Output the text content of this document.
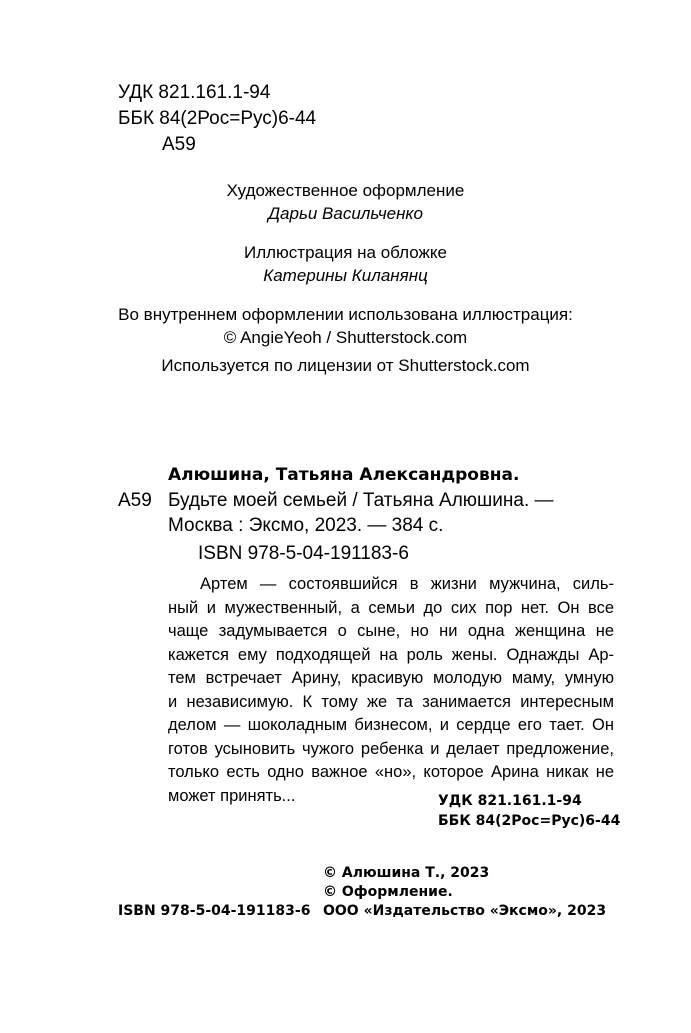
УДК 821.161.1-94
ББК 84(2Рос=Рус)6-44
А59
Художественное оформление
Дарьи Васильченко
Иллюстрация на обложке
Катерины Киланянц
Во внутреннем оформлении использована иллюстрация:
© AngieYeoh / Shutterstock.com
Используется по лицензии от Shutterstock.com
Алюшина, Татьяна Александровна.
А59 Будьте моей семьей / Татьяна Алюшина. —
Москва : Эксмо, 2023. — 384 с.
ISBN 978-5-04-191183-6
Артем — состоявшийся в жизни мужчина, силь-
ный и мужественный, а семьи до сих пор нет. Он все
чаще задумывается о сыне, но ни одна женщина не
кажется ему подходящей на роль жены. Однажды Ар-
тем встречает Арину, красивую молодую маму, умную
и независимую. К тому же та занимается интересным
делом — шоколадным бизнесом, и сердце его тает. Он
готов усыновить чужого ребенка и делает предложение,
только есть одно важное «но», которое Арина никак не
может принять...	УДК 821.161.1-94
ББК 84(2Рос=Рус)6-44
© Алюшина Т., 2023
© Оформление.
ISBN 978-5-04-191183-6 ООО «Издательство «Эксмо», 2023
